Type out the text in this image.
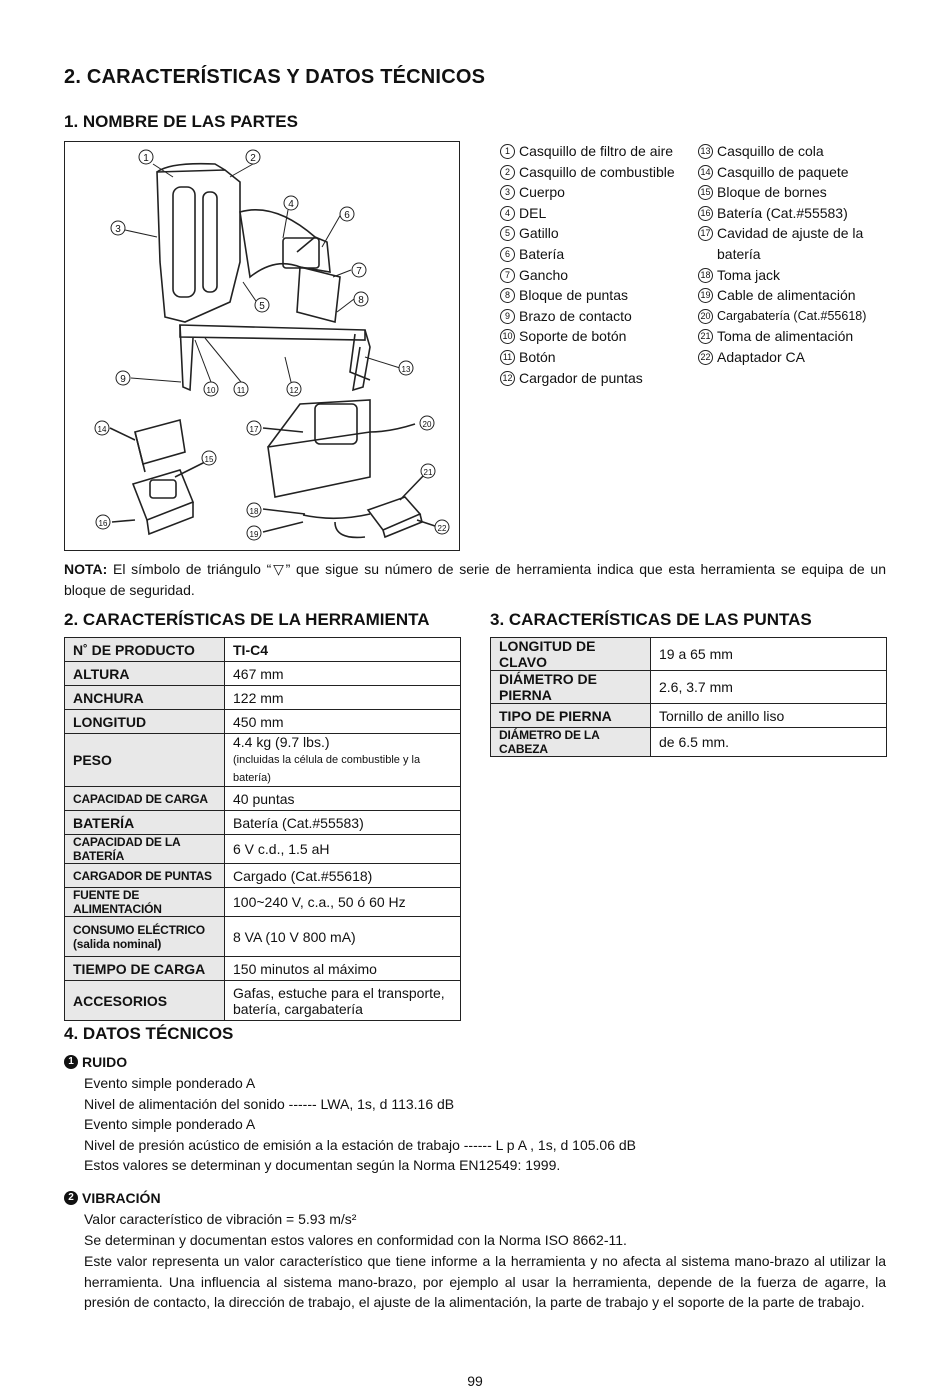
2. CARACTERÍSTICAS Y DATOS TÉCNICOS
1. NOMBRE DE LAS PARTES
1	2
3
4
5
6
7
8
9
10	11	12
13
14
15
16
17
18
19
20
21
22
1 Casquillo de filtro de aire
2 Casquillo de combustible
3 Cuerpo
4 DEL
5 Gatillo
6 Batería
7 Gancho
8 Bloque de puntas
9 Brazo de contacto
10 Soporte de botón
11 Botón
12 Cargador de puntas
13 Casquillo de cola
14 Casquillo de paquete
15 Bloque de bornes
16 Batería (Cat.#55583)
17 Cavidad de ajuste de la
batería
18 Toma jack
19 Cable de alimentación
20 Cargabatería (Cat.#55618)
21 Toma de alimentación
22 Adaptador CA
NOTA: El símbolo de triángulo “▽” que sigue su número de serie de herramienta indica que esta herramienta se equipa de un bloque de seguridad.
2. CARACTERÍSTICAS DE LA HERRAMIENTA	3. CARACTERÍSTICAS DE LAS PUNTAS
N˚ DE PRODUCTO	TI-C4
ALTURA	467 mm
ANCHURA	122 mm
LONGITUD	450 mm
PESO	4.4 kg (9.7 lbs.)
(incluidas la célula de combustible y la batería)
CAPACIDAD DE CARGA	40 puntas
BATERÍA	Batería (Cat.#55583)
CAPACIDAD DE LA BATERÍA	6 V c.d., 1.5 aH
CARGADOR DE PUNTAS	Cargado (Cat.#55618)
FUENTE DE ALIMENTACIÓN	100~240 V, c.a., 50 ó 60 Hz
CONSUMO ELÉCTRICO
(salida nominal)	8 VA (10 V 800 mA)
TIEMPO DE CARGA	150 minutos al máximo
ACCESORIOS	Gafas, estuche para el transporte,
batería, cargabatería
LONGITUD DE CLAVO	19 a 65 mm
DIÁMETRO DE PIERNA	2.6, 3.7 mm
TIPO DE PIERNA	Tornillo de anillo liso
DIÁMETRO DE LA CABEZA	de 6.5 mm.
4. DATOS TÉCNICOS
1 RUIDO
Evento simple ponderado A
Nivel de alimentación del sonido ------ LWA, 1s, d 113.16 dB
Evento simple ponderado A
Nivel de presión acústico de emisión a la estación de trabajo ------ L p A , 1s, d 105.06 dB
Estos valores se determinan y documentan según la Norma EN12549: 1999.
2 VIBRACIÓN
Valor característico de vibración = 5.93 m/s²
Se determinan y documentan estos valores en conformidad con la Norma ISO 8662-11.
Este valor representa un valor característico que tiene informe a la herramienta y no afecta al sistema mano-brazo al utilizar la herramienta. Una influencia al sistema mano-brazo, por ejemplo al usar la herramienta, depende de la fuerza de agarre, la presión de contacto, la dirección de trabajo, el ajuste de la alimentación, la parte de trabajo y el soporte de la parte de trabajo.
99
